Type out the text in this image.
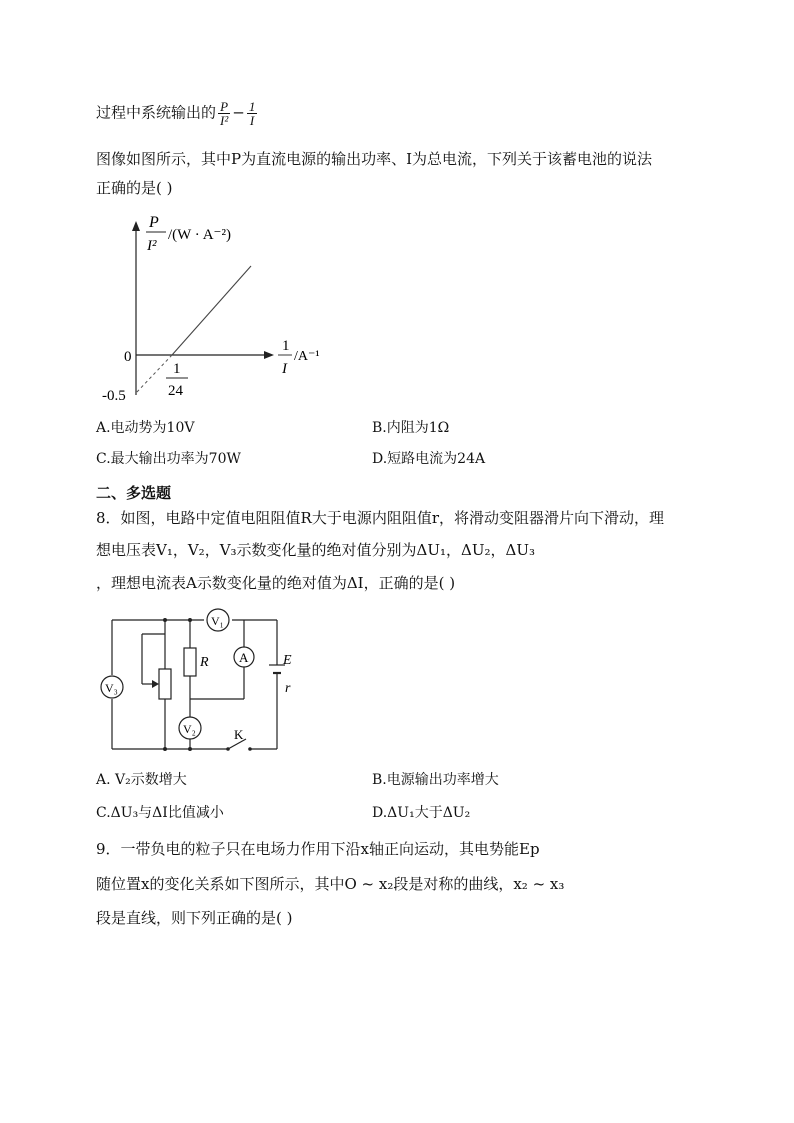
过程中系统输出的 $\frac{P}{\text{I²}} - \frac{1}{I}$
图像如图所示，其中P为直流电源的输出功率、I为总电流，下列关于该蓄电池的说法
正确的是( )
P
I²
/(W · A⁻²)
1
I
/A⁻¹
0
-0.5
1
24
A.电动势为10V	B.内阻为1Ω
C.最大输出功率为70W	D.短路电流为24A
二、多选题
8．如图，电路中定值电阻阻值R大于电源内阻阻值r，将滑动变阻器滑片向下滑动，理
想电压表V₁，V₂，V₃示数变化量的绝对值分别为ΔU₁，ΔU₂，ΔU₃
，理想电流表A示数变化量的绝对值为ΔI，正确的是( )
V₁
V₃
V₂
A
R	E
r
K
A. V₂示数增大	B.电源输出功率增大
C.ΔU₃与ΔI比值减小	D.ΔU₁大于ΔU₂
9．一带负电的粒子只在电场力作用下沿x轴正向运动，其电势能Ep
随位置x的变化关系如下图所示，其中O ~ x₂段是对称的曲线，x₂ ~ x₃
段是直线，则下列正确的是( )
